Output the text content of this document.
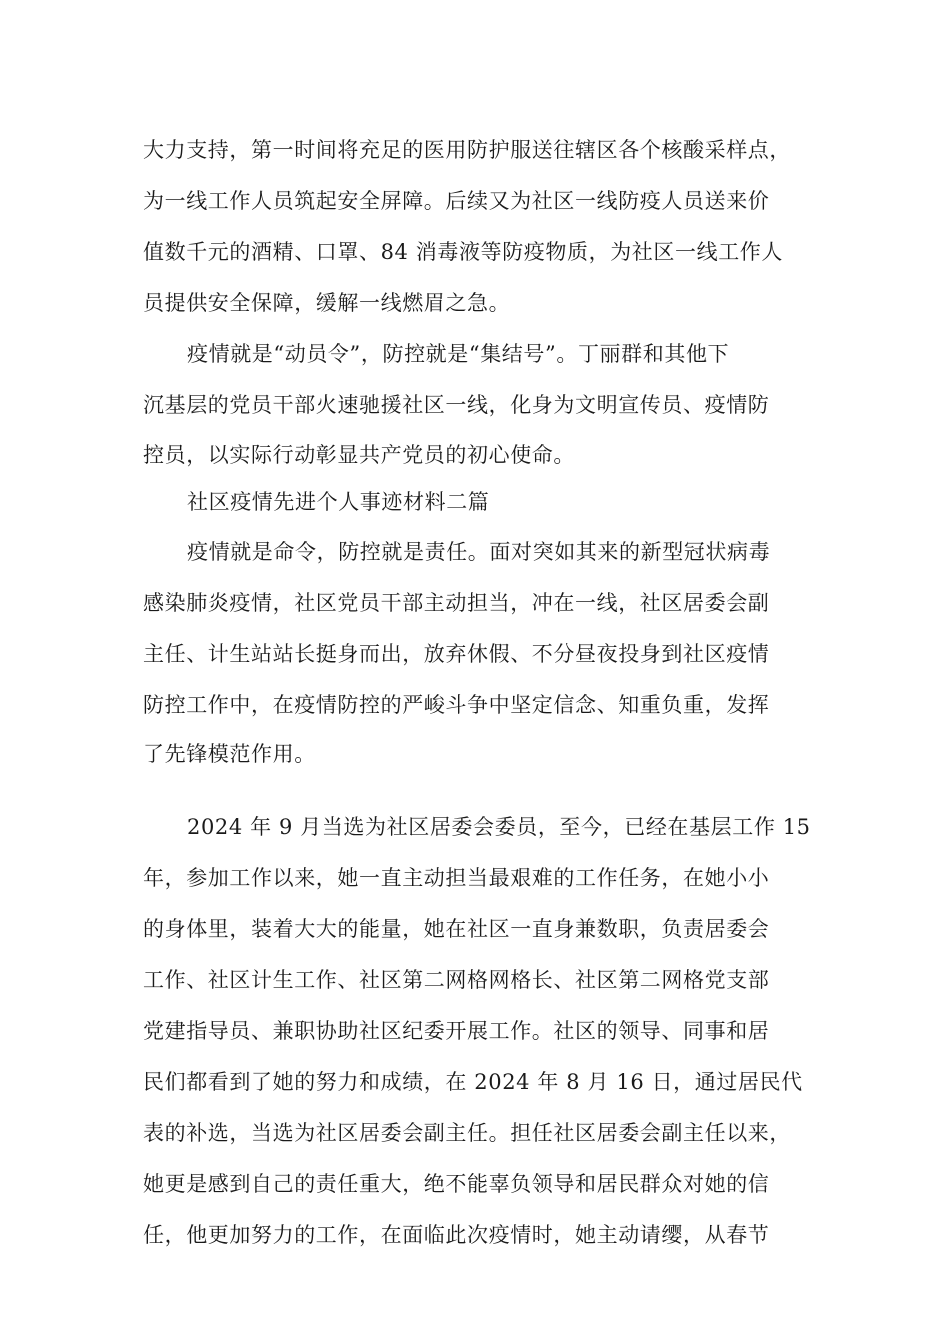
大力支持，第一时间将充足的医用防护服送往辖区各个核酸采样点，
为一线工作人员筑起安全屏障。后续又为社区一线防疫人员送来价
值数千元的酒精、口罩、84 消毒液等防疫物质，为社区一线工作人
员提供安全保障，缓解一线燃眉之急。
疫情就是“动员令”，防控就是“集结号”。丁丽群和其他下
沉基层的党员干部火速驰援社区一线，化身为文明宣传员、疫情防
控员，以实际行动彰显共产党员的初心使命。
社区疫情先进个人事迹材料二篇
疫情就是命令，防控就是责任。面对突如其来的新型冠状病毒
感染肺炎疫情，社区党员干部主动担当，冲在一线，社区居委会副
主任、计生站站长挺身而出，放弃休假、不分昼夜投身到社区疫情
防控工作中，在疫情防控的严峻斗争中坚定信念、知重负重，发挥
了先锋模范作用。
2024 年 9 月当选为社区居委会委员，至今，已经在基层工作 15
年，参加工作以来，她一直主动担当最艰难的工作任务，在她小小
的身体里，装着大大的能量，她在社区一直身兼数职，负责居委会
工作、社区计生工作、社区第二网格网格长、社区第二网格党支部
党建指导员、兼职协助社区纪委开展工作。社区的领导、同事和居
民们都看到了她的努力和成绩，在 2024 年 8 月 16 日，通过居民代
表的补选，当选为社区居委会副主任。担任社区居委会副主任以来，
她更是感到自己的责任重大，绝不能辜负领导和居民群众对她的信
任，他更加努力的工作，在面临此次疫情时，她主动请缨，从春节
